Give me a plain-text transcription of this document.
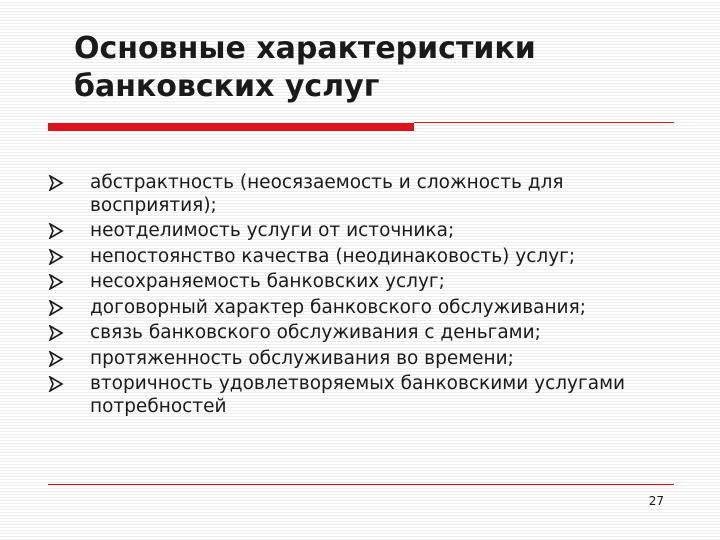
Основные характеристики
банковских услуг
абстрактность (неосязаемость и сложность для восприятия);
неотделимость услуги от источника;
непостоянство качества (неодинаковость) услуг;
несохраняемость банковских услуг;
договорный характер банковского обслуживания;
связь банковского обслуживания с деньгами;
протяженность обслуживания во времени;
вторичность удовлетворяемых банковскими услугами потребностей
27
